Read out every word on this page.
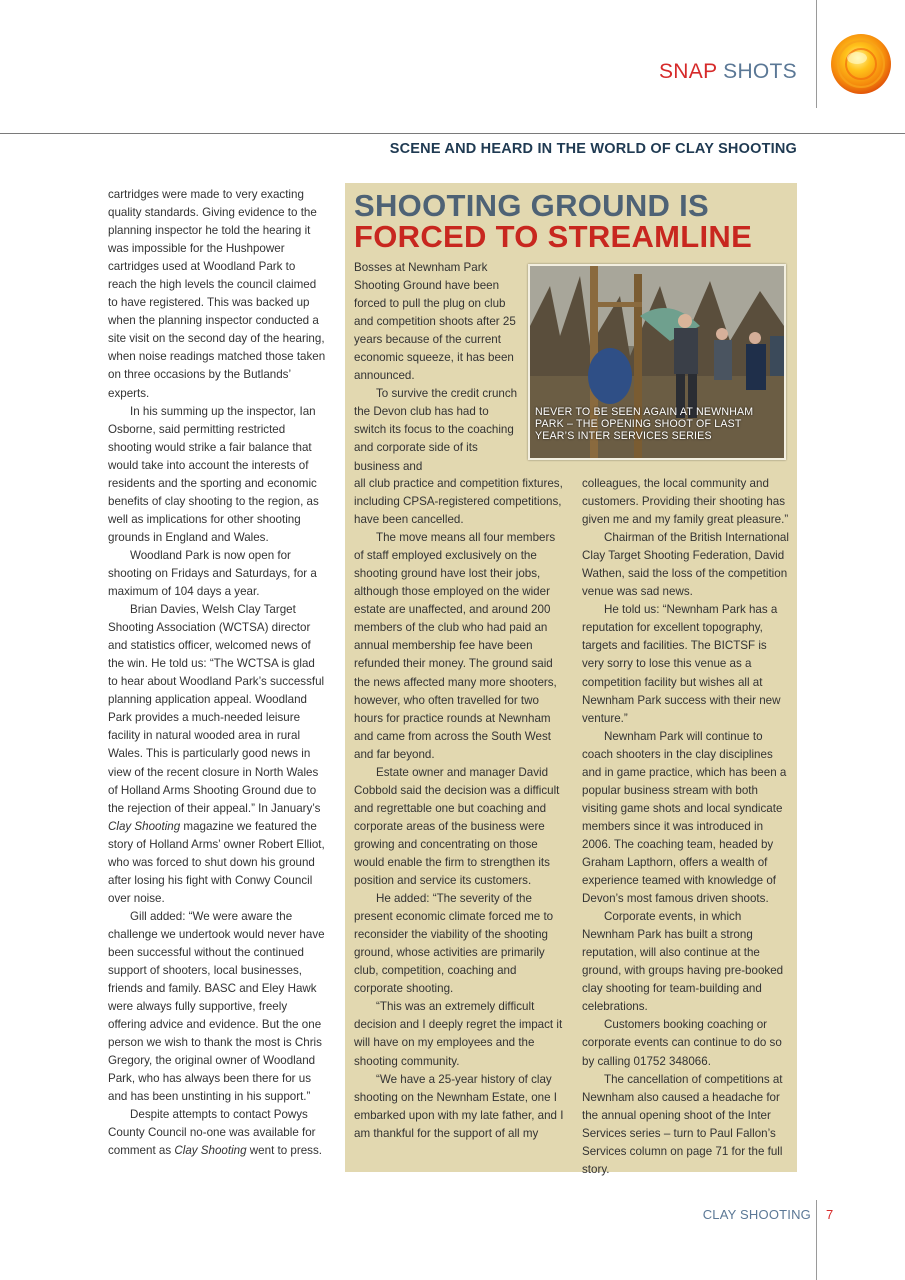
SNAP SHOTS
SCENE AND HEARD IN THE WORLD OF CLAY SHOOTING

cartridges were made to very exacting quality standards. Giving evidence to the planning inspector he told the hearing it was impossible for the Hushpower cartridges used at Woodland Park to reach the high levels the council claimed to have registered. This was backed up when the planning inspector conducted a site visit on the second day of the hearing, when noise readings matched those taken on three occasions by the Butlands’ experts.

In his summing up the inspector, Ian Osborne, said permitting restricted shooting would strike a fair balance that would take into account the interests of residents and the sporting and economic benefits of clay shooting to the region, as well as implications for other shooting grounds in England and Wales.

Woodland Park is now open for shooting on Fridays and Saturdays, for a maximum of 104 days a year.

Brian Davies, Welsh Clay Target Shooting Association (WCTSA) director and statistics officer, welcomed news of the win. He told us: “The WCTSA is glad to hear about Woodland Park’s successful planning application appeal. Woodland Park provides a much-needed leisure facility in natural wooded area in rural Wales. This is particularly good news in view of the recent closure in North Wales of Holland Arms Shooting Ground due to the rejection of their appeal.” In January’s Clay Shooting magazine we featured the story of Holland Arms’ owner Robert Elliot, who was forced to shut down his ground after losing his fight with Conwy Council over noise.

Gill added: “We were aware the challenge we undertook would never have been successful without the continued support of shooters, local businesses, friends and family. BASC and Eley Hawk were always fully supportive, freely offering advice and evidence. But the one person we wish to thank the most is Chris Gregory, the original owner of Woodland Park, who has always been there for us and has been unstinting in his support.”

Despite attempts to contact Powys County Council no-one was available for comment as Clay Shooting went to press.

SHOOTING GROUND IS
FORCED TO STREAMLINE

Bosses at Newnham Park Shooting Ground have been forced to pull the plug on club and competition shoots after 25 years because of the current economic squeeze, it has been announced.

To survive the credit crunch the Devon club has had to switch its focus to the coaching and corporate side of its business and

NEVER TO BE SEEN AGAIN AT NEWNHAM PARK – THE OPENING SHOOT OF LAST YEAR’S INTER SERVICES SERIES

all club practice and competition fixtures, including CPSA-registered competitions, have been cancelled.

The move means all four members of staff employed exclusively on the shooting ground have lost their jobs, although those employed on the wider estate are unaffected, and around 200 members of the club who had paid an annual membership fee have been refunded their money. The ground said the news affected many more shooters, however, who often travelled for two hours for practice rounds at Newnham and came from across the South West and far beyond.

Estate owner and manager David Cobbold said the decision was a difficult and regrettable one but coaching and corporate areas of the business were growing and concentrating on those would enable the firm to strengthen its position and service its customers.

He added: “The severity of the present economic climate forced me to reconsider the viability of the shooting ground, whose activities are primarily club, competition, coaching and corporate shooting.

“This was an extremely difficult decision and I deeply regret the impact it will have on my employees and the shooting community.

“We have a 25-year history of clay shooting on the Newnham Estate, one I embarked upon with my late father, and I am thankful for the support of all my

colleagues, the local community and customers. Providing their shooting has given me and my family great pleasure.”

Chairman of the British International Clay Target Shooting Federation, David Wathen, said the loss of the competition venue was sad news.

He told us: “Newnham Park has a reputation for excellent topography, targets and facilities. The BICTSF is very sorry to lose this venue as a competition facility but wishes all at Newnham Park success with their new venture.”

Newnham Park will continue to coach shooters in the clay disciplines and in game practice, which has been a popular business stream with both visiting game shots and local syndicate members since it was introduced in 2006. The coaching team, headed by Graham Lapthorn, offers a wealth of experience teamed with knowledge of Devon’s most famous driven shoots.

Corporate events, in which Newnham Park has built a strong reputation, will also continue at the ground, with groups having pre-booked clay shooting for team-building and celebrations.

Customers booking coaching or corporate events can continue to do so by calling 01752 348066.

The cancellation of competitions at Newnham also caused a headache for the annual opening shoot of the Inter Services series – turn to Paul Fallon’s Services column on page 71 for the full story.

CLAY SHOOTING 7
